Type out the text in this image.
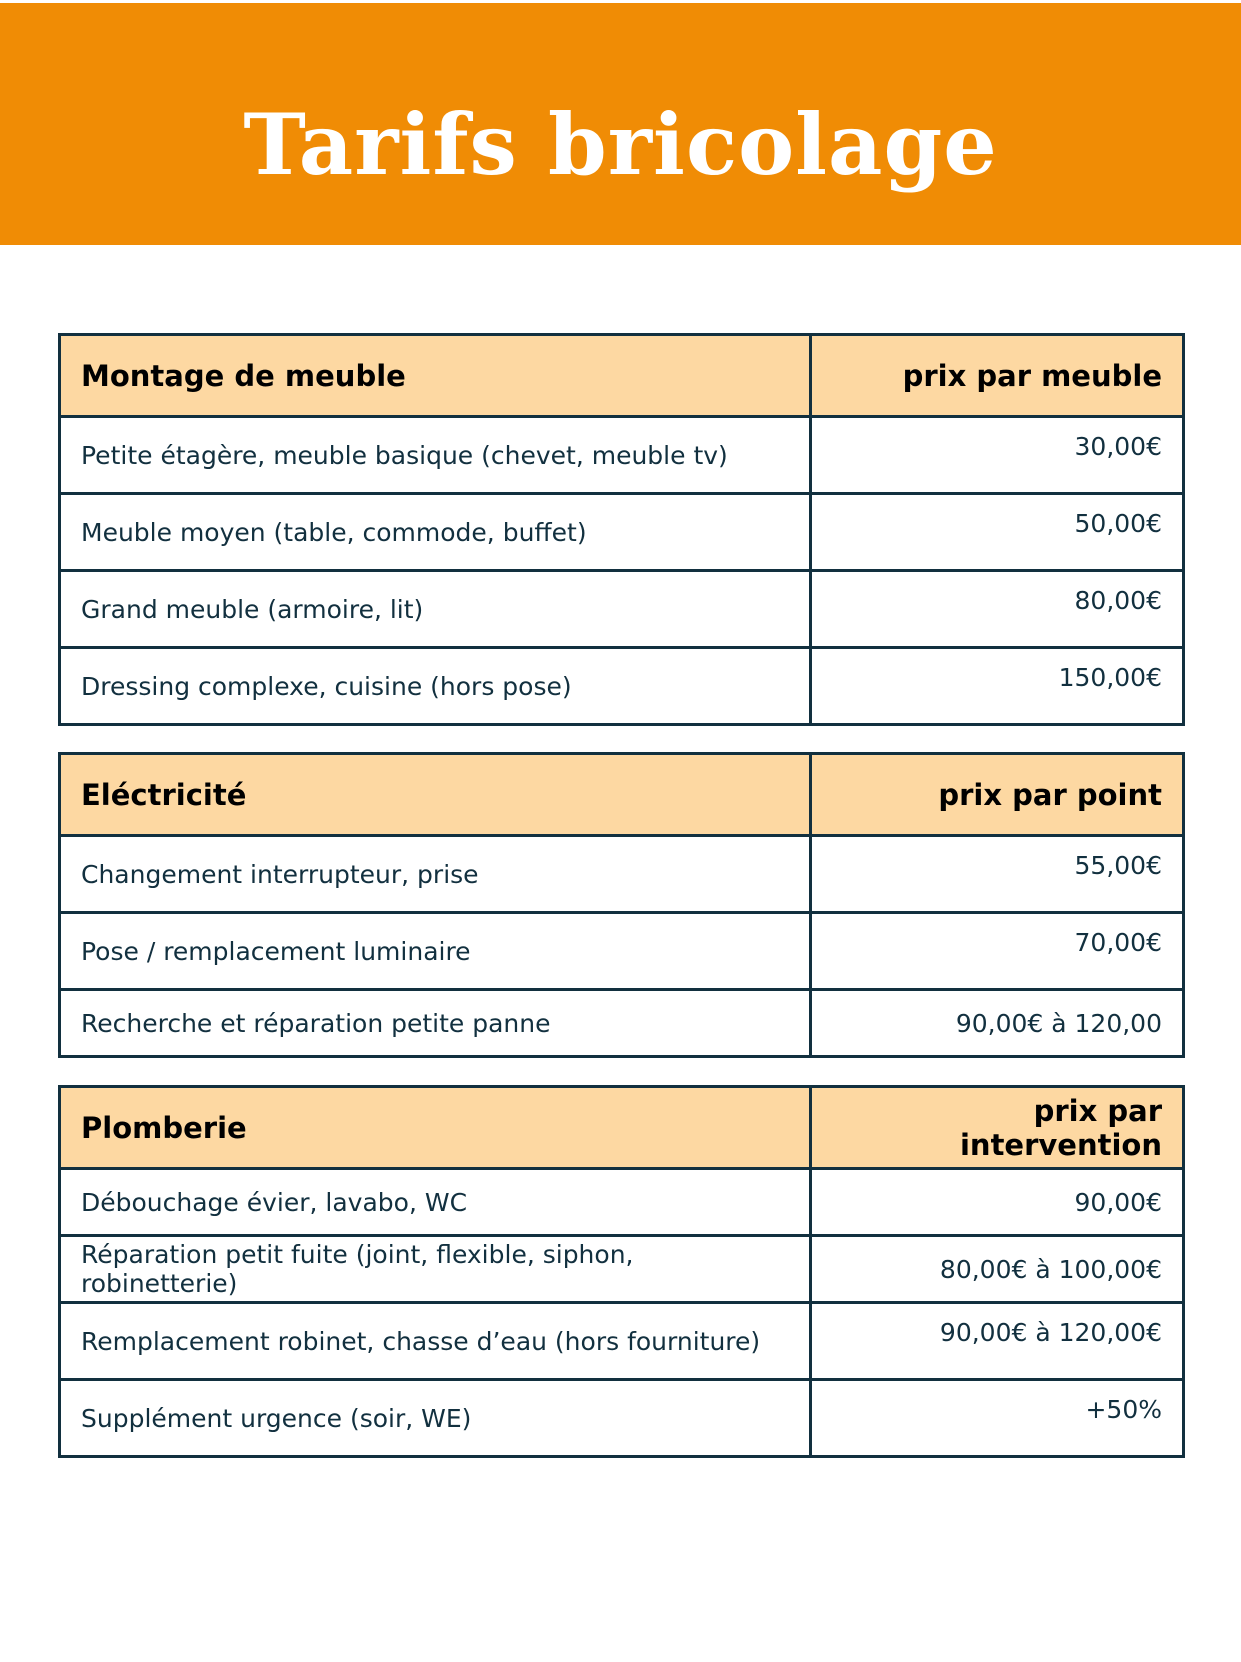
Tarifs bricolage
Montage de meuble	prix par meuble
Petite étagère, meuble basique (chevet, meuble tv)	30,00€
Meuble moyen (table, commode, buffet)	50,00€
Grand meuble (armoire, lit)	80,00€
Dressing complexe, cuisine (hors pose)	150,00€
Eléctricité	prix par point
Changement interrupteur, prise	55,00€
Pose / remplacement luminaire	70,00€
Recherche et réparation petite panne	90,00€ à 120,00
Plomberie	prix par intervention
Débouchage évier, lavabo, WC	90,00€
Réparation petit fuite (joint, flexible, siphon, robinetterie)	80,00€ à 100,00€
Remplacement robinet, chasse d’eau (hors fourniture)	90,00€ à 120,00€
Supplément urgence (soir, WE)	+50%
